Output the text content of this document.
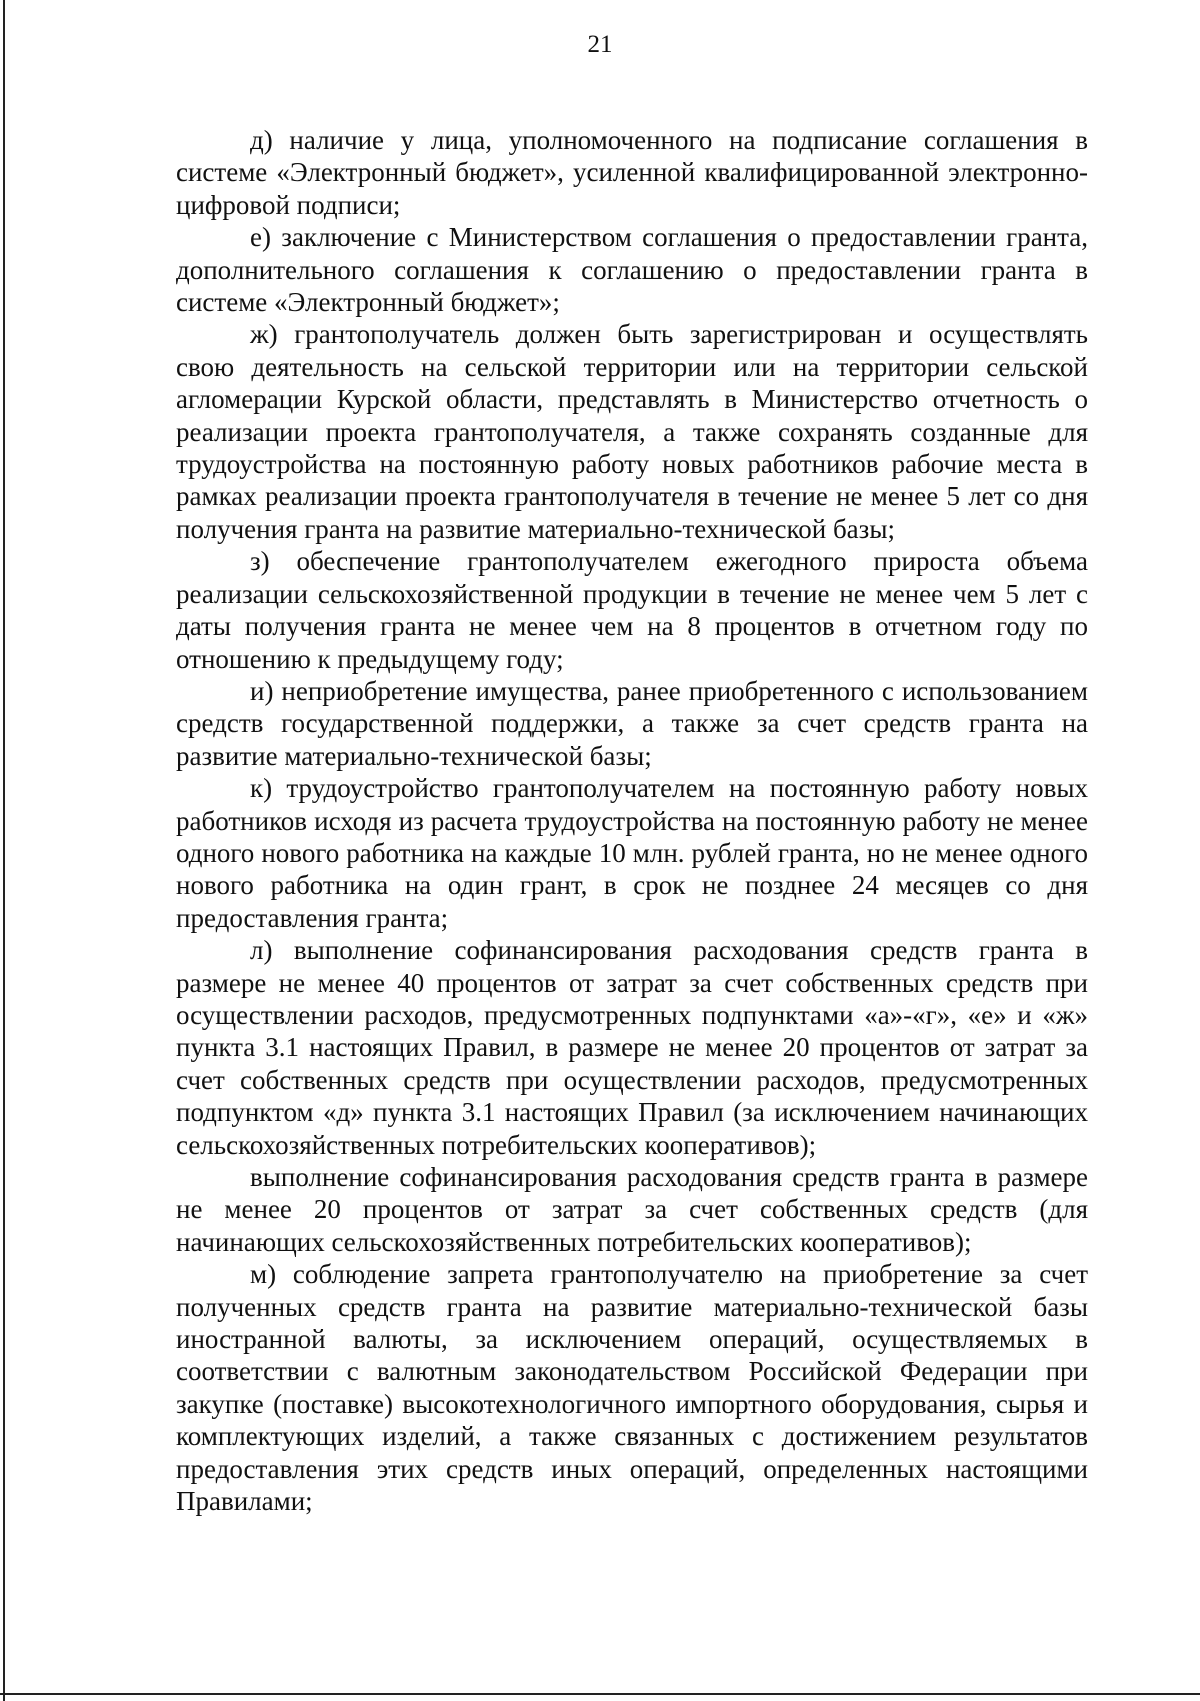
21

д) наличие у лица, уполномоченного на подписание соглашения в системе «Электронный бюджет», усиленной квалифицированной электронно-цифровой подписи;

е) заключение с Министерством соглашения о предоставлении гранта, дополнительного соглашения к соглашению о предоставлении гранта в системе «Электронный бюджет»;

ж) грантополучатель должен быть зарегистрирован и осуществлять свою деятельность на сельской территории или на территории сельской агломерации Курской области, представлять в Министерство отчетность о реализации проекта грантополучателя, а также сохранять созданные для трудоустройства на постоянную работу новых работников рабочие места в рамках реализации проекта грантополучателя в течение не менее 5 лет со дня получения гранта на развитие материально-технической базы;

з) обеспечение грантополучателем ежегодного прироста объема реализации сельскохозяйственной продукции в течение не менее чем 5 лет с даты получения гранта не менее чем на 8 процентов в отчетном году по отношению к предыдущему году;

и) неприобретение имущества, ранее приобретенного с использованием средств государственной поддержки, а также за счет средств гранта на развитие материально-технической базы;

к) трудоустройство грантополучателем на постоянную работу новых работников исходя из расчета трудоустройства на постоянную работу не менее одного нового работника на каждые 10 млн. рублей гранта, но не менее одного нового работника на один грант, в срок не позднее 24 месяцев со дня предоставления гранта;

л) выполнение софинансирования расходования средств гранта в размере не менее 40 процентов от затрат за счет собственных средств при осуществлении расходов, предусмотренных подпунктами «а»-«г», «е» и «ж» пункта 3.1 настоящих Правил, в размере не менее 20 процентов от затрат за счет собственных средств при осуществлении расходов, предусмотренных подпунктом «д» пункта 3.1 настоящих Правил (за исключением начинающих сельскохозяйственных потребительских кооперативов);

выполнение софинансирования расходования средств гранта в размере не менее 20 процентов от затрат за счет собственных средств (для начинающих сельскохозяйственных потребительских кооперативов);

м) соблюдение запрета грантополучателю на приобретение за счет полученных средств гранта на развитие материально-технической базы иностранной валюты, за исключением операций, осуществляемых в соответствии с валютным законодательством Российской Федерации при закупке (поставке) высокотехнологичного импортного оборудования, сырья и комплектующих изделий, а также связанных с достижением результатов предоставления этих средств иных операций, определенных настоящими Правилами;
